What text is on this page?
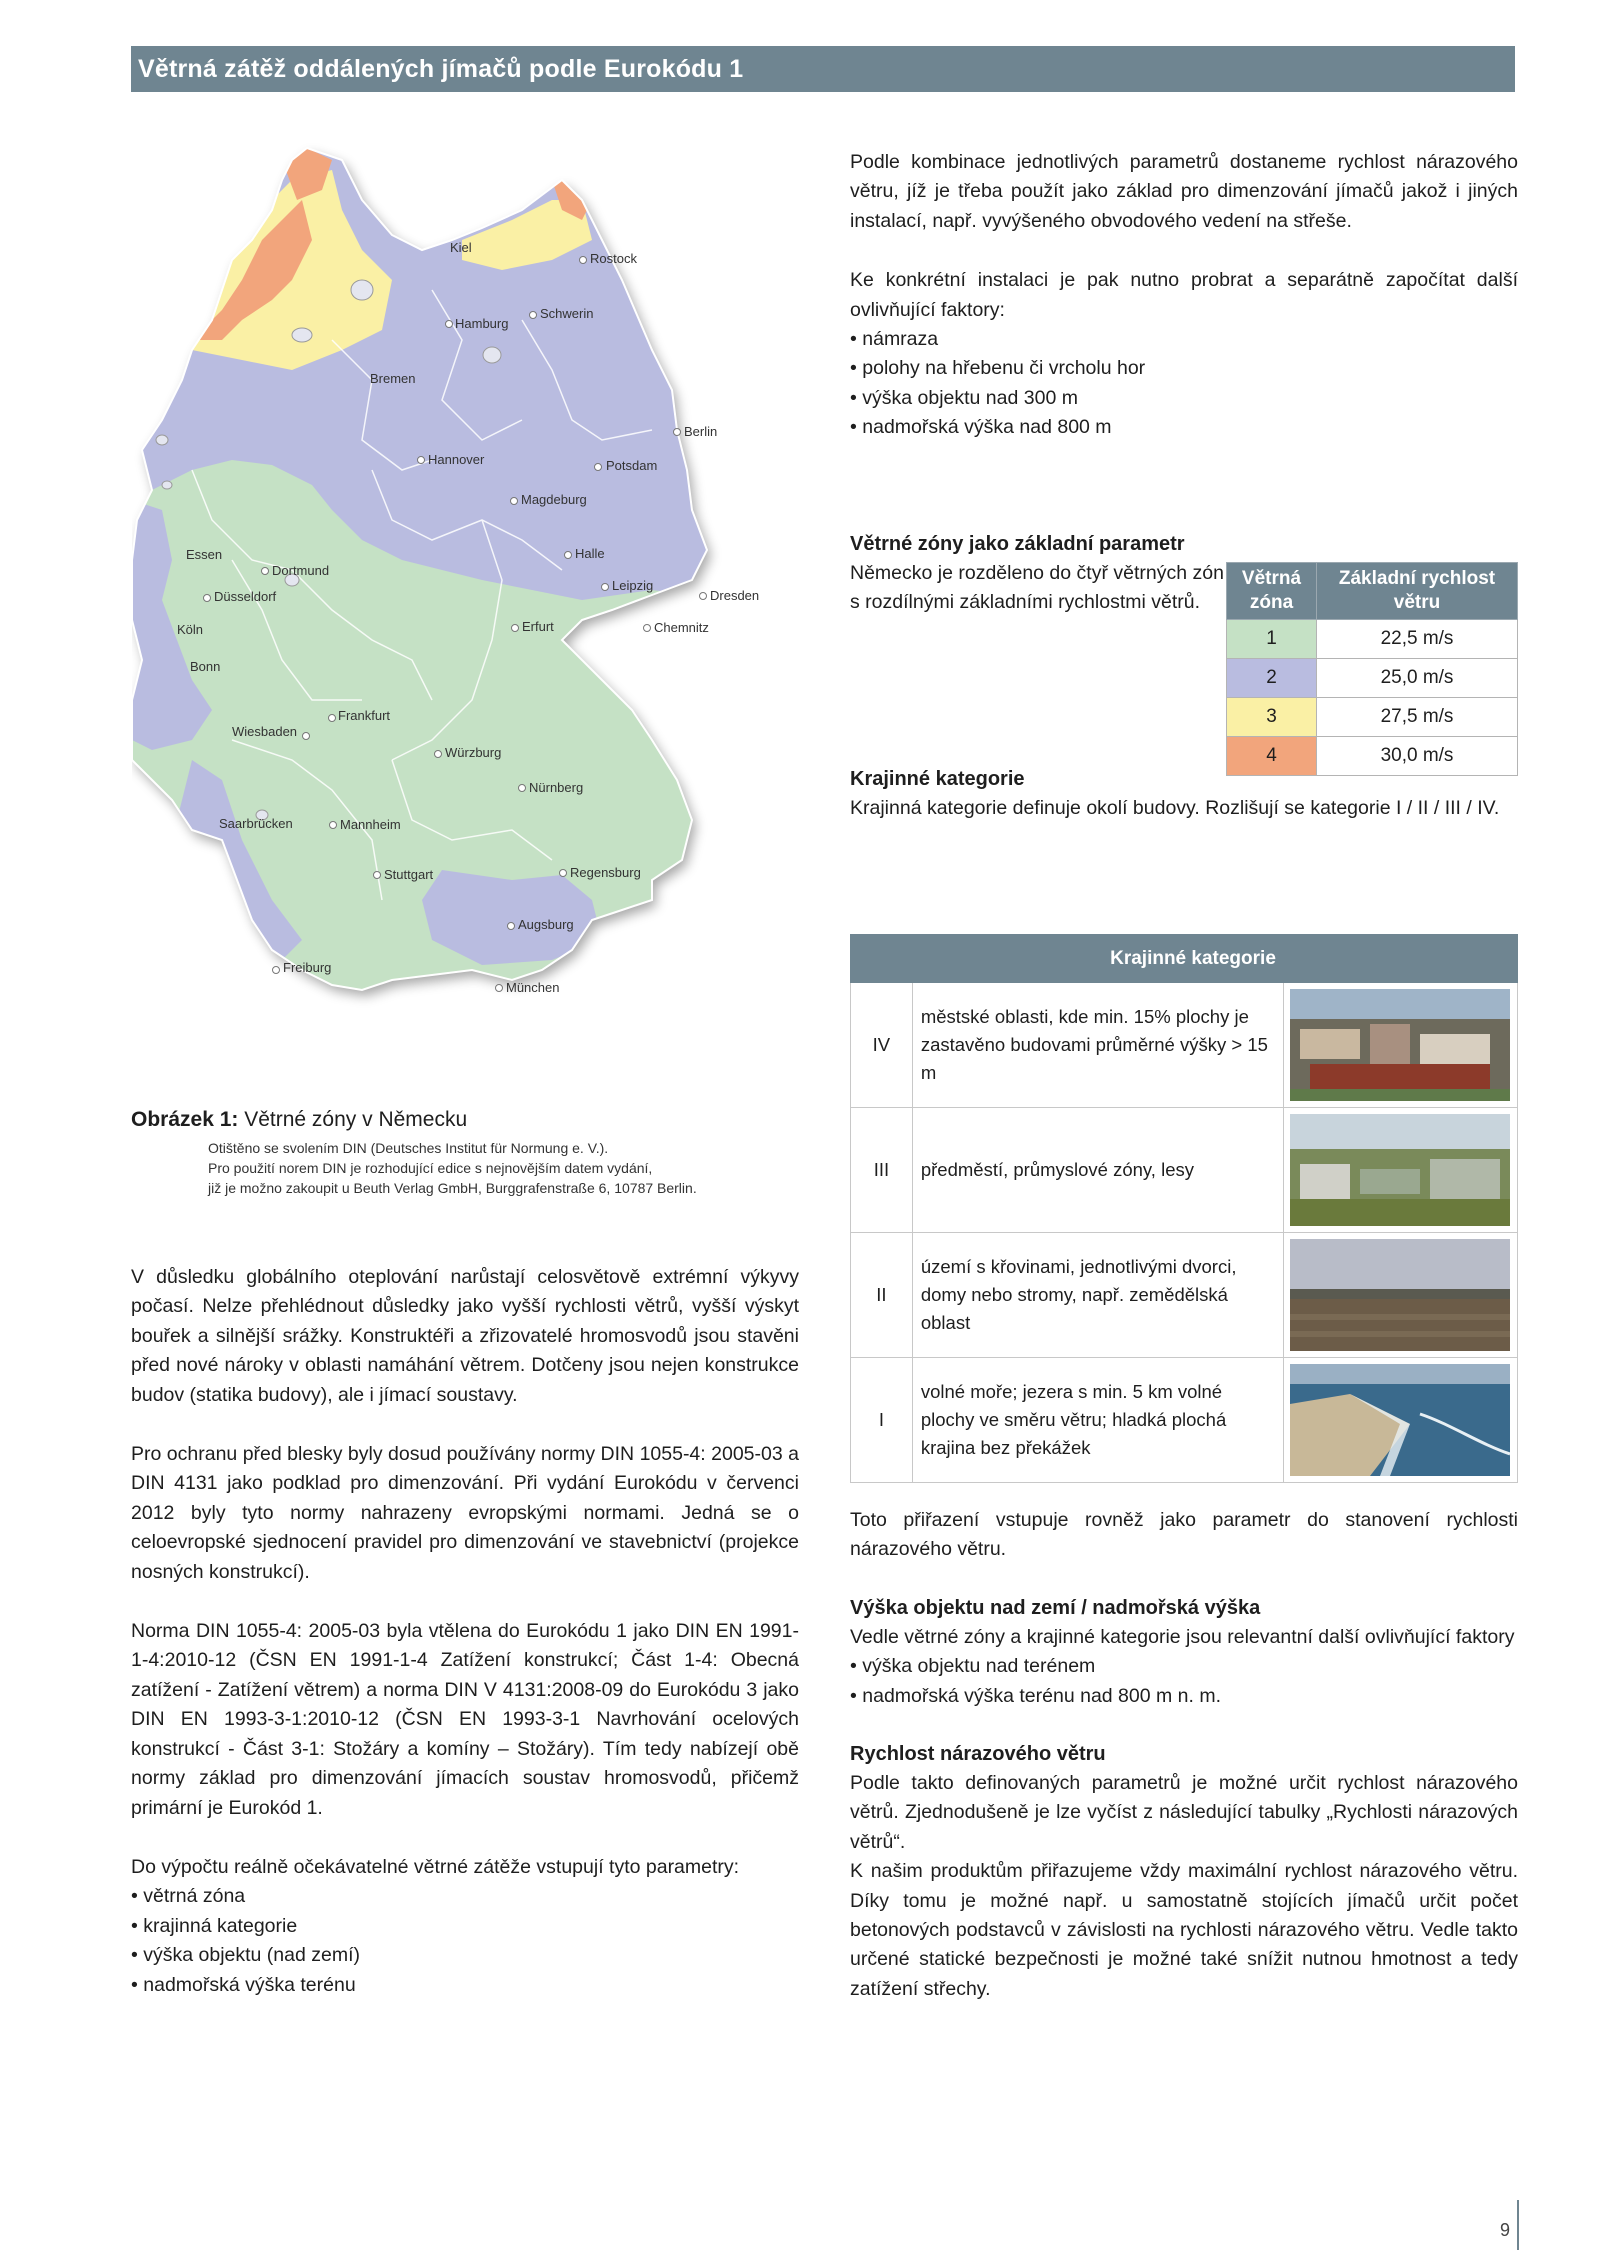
Větrná zátěž oddálených jímačů podle Eurokódu 1
Kiel
Rostock
Hamburg
Schwerin
Bremen
Berlin
Hannover	Potsdam
Magdeburg
Essen
Dortmund
Halle
Düsseldorf
Leipzig
Dresden
Köln	Erfurt	Chemnitz
Bonn
Frankfurt
Wiesbaden
Würzburg
Nürnberg
Saarbrücken	Mannheim
Stuttgart	Regensburg
Augsburg
Freiburg
München
Obrázek 1: Větrné zóny v Německu
Otištěno se svolením DIN (Deutsches Institut für Normung e. V.).
Pro použití norem DIN je rozhodující edice s nejnovějším datem vydání,
již je možno zakoupit u Beuth Verlag GmbH, Burggrafenstraße 6, 10787 Berlin.

Podle kombinace jednotlivých parametrů dostaneme rychlost nárazového větru, jíž je třeba použít jako základ pro dimenzování jímačů jakož i jiných instalací, např. vyvýšeného obvodového vedení na střeše.

Ke konkrétní instalaci je pak nutno probrat a separátně započítat další ovlivňující faktory:

• námraza

• polohy na hřebenu či vrcholu hor

• výška objektu nad 300 m

• nadmořská výška nad 800 m

Větrné zóny jako základní parametr

Německo je rozděleno do čtyř větrných zón s rozdílnými základními rychlostmi větrů.

Větrná zóna	Základní rychlost větru
1	22,5 m/s
2	25,0 m/s
3	27,5 m/s
4	30,0 m/s

Krajinné kategorie

Krajinná kategorie definuje okolí budovy. Rozlišují se kategorie I / II / III / IV.

Krajinné kategorie		
IV	městské oblasti, kde min. 15% plochy je zastavěno budovami průměrné výšky > 15 m	

III	předměstí, průmyslové zóny, lesy	

II	území s křovinami, jednotlivými dvorci, domy nebo stromy, např. zemědělská oblast	

I	volné moře; jezera s min. 5 km volné plochy ve směru větru; hladká plochá krajina bez překážek	

V důsledku globálního oteplování narůstají celosvětově extrémní výkyvy počasí. Nelze přehlédnout důsledky jako vyšší rychlosti větrů, vyšší výskyt bouřek a silnější srážky. Konstruktéři a zřizovatelé hromosvodů jsou stavěni před nové nároky v oblasti namáhání větrem. Dotčeny jsou nejen konstrukce budov (statika budovy), ale i jímací soustavy.

Pro ochranu před blesky byly dosud používány normy DIN 1055-4: 2005-03 a DIN 4131 jako podklad pro dimenzování. Při vydání Eurokódu v červenci 2012 byly tyto normy nahrazeny evropskými normami. Jedná se o celoevropské sjednocení pravidel pro dimenzování ve stavebnictví (projekce nosných konstrukcí).

Norma DIN 1055-4: 2005-03 byla vtělena do Eurokódu 1 jako DIN EN 1991-1-4:2010-12 (ČSN EN 1991-1-4 Zatížení konstrukcí; Část 1-4: Obecná zatížení - Zatížení větrem) a norma DIN V 4131:2008-09 do Eurokódu 3 jako DIN EN 1993-3-1:2010-12 (ČSN EN 1993-3-1 Navrhování ocelových konstrukcí - Část 3-1: Stožáry a komíny – Stožáry). Tím tedy nabízejí obě normy základ pro dimenzování jímacích soustav hromosvodů, přičemž primární je Eurokód 1.

Do výpočtu reálně očekávatelné větrné zátěže vstupují tyto parametry:

• větrná zóna

• krajinná kategorie

• výška objektu (nad zemí)

• nadmořská výška terénu

Toto přiřazení vstupuje rovněž jako parametr do stanovení rychlosti nárazového větru.

Výška objektu nad zemí / nadmořská výška

Vedle větrné zóny a krajinné kategorie jsou relevantní další ovlivňující faktory

• výška objektu nad terénem

• nadmořská výška terénu nad 800 m n. m.

Rychlost nárazového větru

Podle takto definovaných parametrů je možné určit rychlost nárazového větrů. Zjednodušeně je lze vyčíst z následující tabulky „Rychlosti nárazových větrů“.

K našim produktům přiřazujeme vždy maximální rychlost nárazového větru. Díky tomu je možné např. u samostatně stojících jímačů určit počet betonových podstavců v závislosti na rychlosti nárazového větru. Vedle takto určené statické bezpečnosti je možné také snížit nutnou hmotnost a tedy zatížení střechy.

9
